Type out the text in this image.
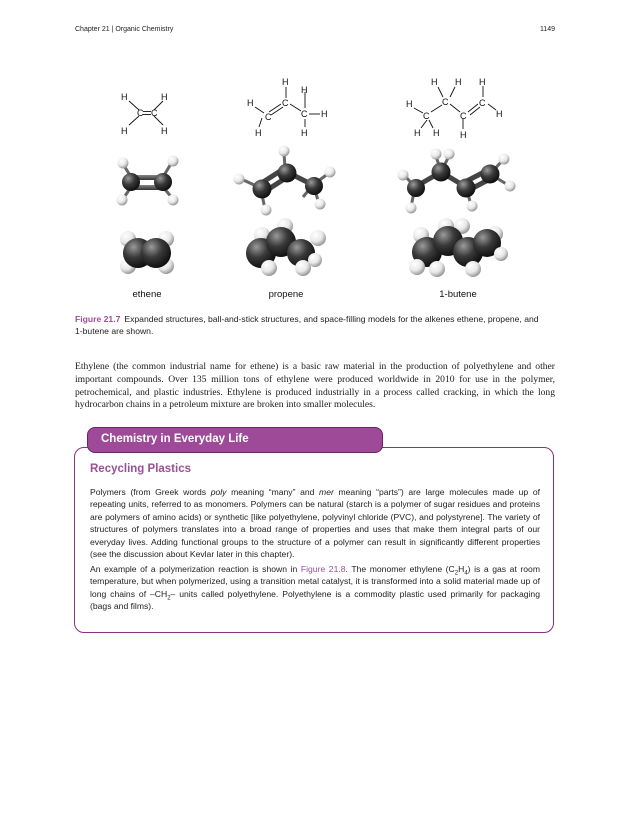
Chapter 21 | Organic Chemistry	1149
H	H
C C
H	H
H
C
H
H
C
H
C H
H
H
C
H H
H H
C
C
H
C
H
H
ethene	propene	1-butene
Figure 21.7 Expanded structures, ball-and-stick structures, and space-filling models for the alkenes ethene, propene, and 1-butene are shown.

Ethylene (the common industrial name for ethene) is a basic raw material in the production of polyethylene and other important compounds. Over 135 million tons of ethylene were produced worldwide in 2010 for use in the polymer, petrochemical, and plastic industries. Ethylene is produced industrially in a process called cracking, in which the long hydrocarbon chains in a petroleum mixture are broken into smaller molecules.

Chemistry in Everyday Life
Recycling Plastics

Polymers (from Greek words poly meaning “many” and mer meaning “parts”) are large molecules made up of repeating units, referred to as monomers. Polymers can be natural (starch is a polymer of sugar residues and proteins are polymers of amino acids) or synthetic [like polyethylene, polyvinyl chloride (PVC), and polystyrene]. The variety of structures of polymers translates into a broad range of properties and uses that make them integral parts of our everyday lives. Adding functional groups to the structure of a polymer can result in significantly different properties (see the discussion about Kevlar later in this chapter).

An example of a polymerization reaction is shown in Figure 21.8. The monomer ethylene $(C_2H_4)$ is a gas at room temperature, but when polymerized, using a transition metal catalyst, it is transformed into a solid material made up of long chains of $-CH_2-$ units called polyethylene. Polyethylene is a commodity plastic used primarily for packaging (bags and films).
